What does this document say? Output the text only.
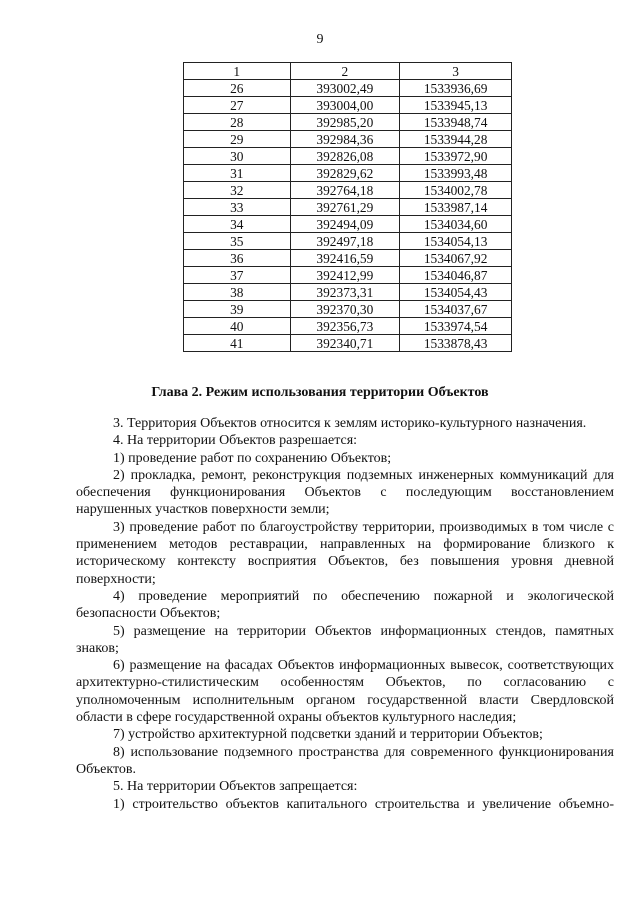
9
1	2	3
26	393002,49	1533936,69
27	393004,00	1533945,13
28	392985,20	1533948,74
29	392984,36	1533944,28
30	392826,08	1533972,90
31	392829,62	1533993,48
32	392764,18	1534002,78
33	392761,29	1533987,14
34	392494,09	1534034,60
35	392497,18	1534054,13
36	392416,59	1534067,92
37	392412,99	1534046,87
38	392373,31	1534054,43
39	392370,30	1534037,67
40	392356,73	1533974,54
41	392340,71	1533878,43
Глава 2. Режим использования территории Объектов

3. Территория Объектов относится к землям историко-культурного назначения.

4. На территории Объектов разрешается:

1) проведение работ по сохранению Объектов;

2) прокладка, ремонт, реконструкция подземных инженерных коммуникаций для обеспечения функционирования Объектов с последующим восстановлением нарушенных участков поверхности земли;

3) проведение работ по благоустройству территории, производимых в том числе с применением методов реставрации, направленных на формирование близкого к историческому контексту восприятия Объектов, без повышения уровня дневной поверхности;

4) проведение мероприятий по обеспечению пожарной и экологической безопасности Объектов;

5) размещение на территории Объектов информационных стендов, памятных знаков;

6) размещение на фасадах Объектов информационных вывесок, соответствующих архитектурно-стилистическим особенностям Объектов, по согласованию с уполномоченным исполнительным органом государственной власти Свердловской области в сфере государственной охраны объектов культурного наследия;

7) устройство архитектурной подсветки зданий и территории Объектов;

8) использование подземного пространства для современного функционирования Объектов.

5. На территории Объектов запрещается:

1) строительство объектов капитального строительства и увеличение объемно-
